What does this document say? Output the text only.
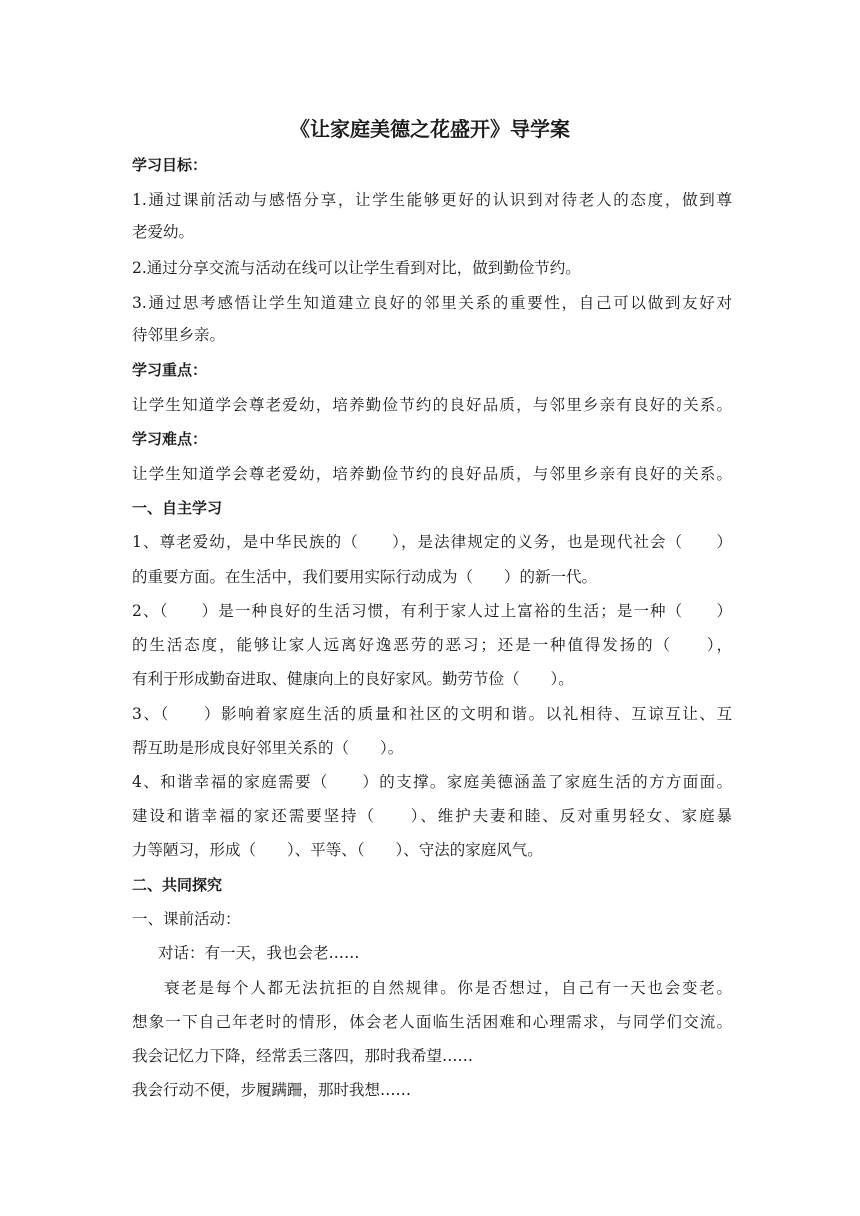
《让家庭美德之花盛开》导学案
学习目标：
1.通过课前活动与感悟分享，让学生能够更好的认识到对待老人的态度，做到尊
老爱幼。
2.通过分享交流与活动在线可以让学生看到对比，做到勤俭节约。
3.通过思考感悟让学生知道建立良好的邻里关系的重要性，自己可以做到友好对
待邻里乡亲。
学习重点：
让学生知道学会尊老爱幼，培养勤俭节约的良好品质，与邻里乡亲有良好的关系。
学习难点：
让学生知道学会尊老爱幼，培养勤俭节约的良好品质，与邻里乡亲有良好的关系。
一、自主学习
1、尊老爱幼，是中华民族的（　　），是法律规定的义务，也是现代社会（　　）
的重要方面。在生活中，我们要用实际行动成为（　　）的新一代。
2、（　　）是一种良好的生活习惯，有利于家人过上富裕的生活；是一种（　　）
的生活态度，能够让家人远离好逸恶劳的恶习；还是一种值得发扬的（　　），
有利于形成勤奋进取、健康向上的良好家风。勤劳节俭（　　）。
3、（　　）影响着家庭生活的质量和社区的文明和谐。以礼相待、互谅互让、互
帮互助是形成良好邻里关系的（　　）。
4、和谐幸福的家庭需要（　　）的支撑。家庭美德涵盖了家庭生活的方方面面。
建设和谐幸福的家还需要坚持（　　）、维护夫妻和睦、反对重男轻女、家庭暴
力等陋习，形成（　　）、平等、（　　）、守法的家庭风气。
二、共同探究
一、课前活动：
对话：有一天，我也会老……
衰老是每个人都无法抗拒的自然规律。你是否想过，自己有一天也会变老。
想象一下自己年老时的情形，体会老人面临生活困难和心理需求，与同学们交流。
我会记忆力下降，经常丢三落四，那时我希望……
我会行动不便，步履蹒跚，那时我想……
